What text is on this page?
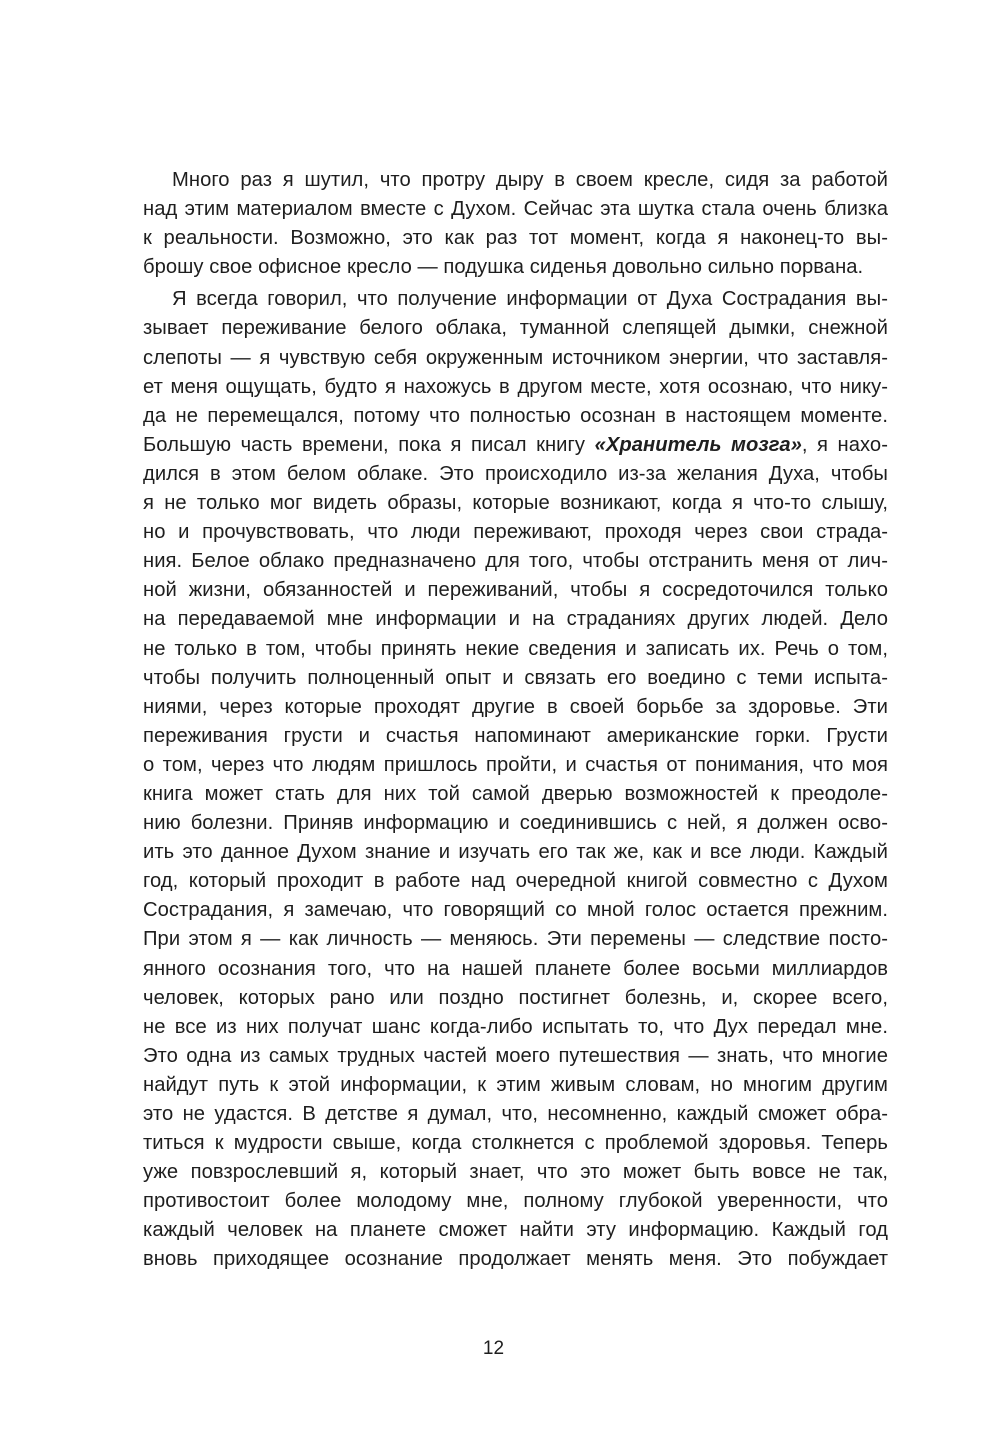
Много раз я шутил, что протру дыру в своем кресле, сидя за работой
над этим материалом вместе с Духом. Сейчас эта шутка стала очень близка
к реальности. Возможно, это как раз тот момент, когда я наконец-то вы-
брошу свое офисное кресло — подушка сиденья довольно сильно порвана.
Я всегда говорил, что получение информации от Духа Сострадания вы-
зывает переживание белого облака, туманной слепящей дымки, снежной
слепоты — я чувствую себя окруженным источником энергии, что заставля-
ет меня ощущать, будто я нахожусь в другом месте, хотя осознаю, что нику-
да не перемещался, потому что полностью осознан в настоящем моменте.
Большую часть времени, пока я писал книгу «Хранитель мозга», я нахо-
дился в этом белом облаке. Это происходило из-за желания Духа, чтобы
я не только мог видеть образы, которые возникают, когда я что-то слышу,
но и прочувствовать, что люди переживают, проходя через свои страда-
ния. Белое облако предназначено для того, чтобы отстранить меня от лич-
ной жизни, обязанностей и переживаний, чтобы я сосредоточился только
на передаваемой мне информации и на страданиях других людей. Дело
не только в том, чтобы принять некие сведения и записать их. Речь о том,
чтобы получить полноценный опыт и связать его воедино с теми испыта-
ниями, через которые проходят другие в своей борьбе за здоровье. Эти
переживания грусти и счастья напоминают американские горки. Грусти
о том, через что людям пришлось пройти, и счастья от понимания, что моя
книга может стать для них той самой дверью возможностей к преодоле-
нию болезни. Приняв информацию и соединившись с ней, я должен осво-
ить это данное Духом знание и изучать его так же, как и все люди. Каждый
год, который проходит в работе над очередной книгой совместно с Духом
Сострадания, я замечаю, что говорящий со мной голос остается прежним.
При этом я — как личность — меняюсь. Эти перемены — следствие посто-
янного осознания того, что на нашей планете более восьми миллиардов
человек, которых рано или поздно постигнет болезнь, и, скорее всего,
не все из них получат шанс когда-либо испытать то, что Дух передал мне.
Это одна из самых трудных частей моего путешествия — знать, что многие
найдут путь к этой информации, к этим живым словам, но многим другим
это не удастся. В детстве я думал, что, несомненно, каждый сможет обра-
титься к мудрости свыше, когда столкнется с проблемой здоровья. Теперь
уже повзрослевший я, который знает, что это может быть вовсе не так,
противостоит более молодому мне, полному глубокой уверенности, что
каждый человек на планете сможет найти эту информацию. Каждый год
вновь приходящее осознание продолжает менять меня. Это побуждает
12
